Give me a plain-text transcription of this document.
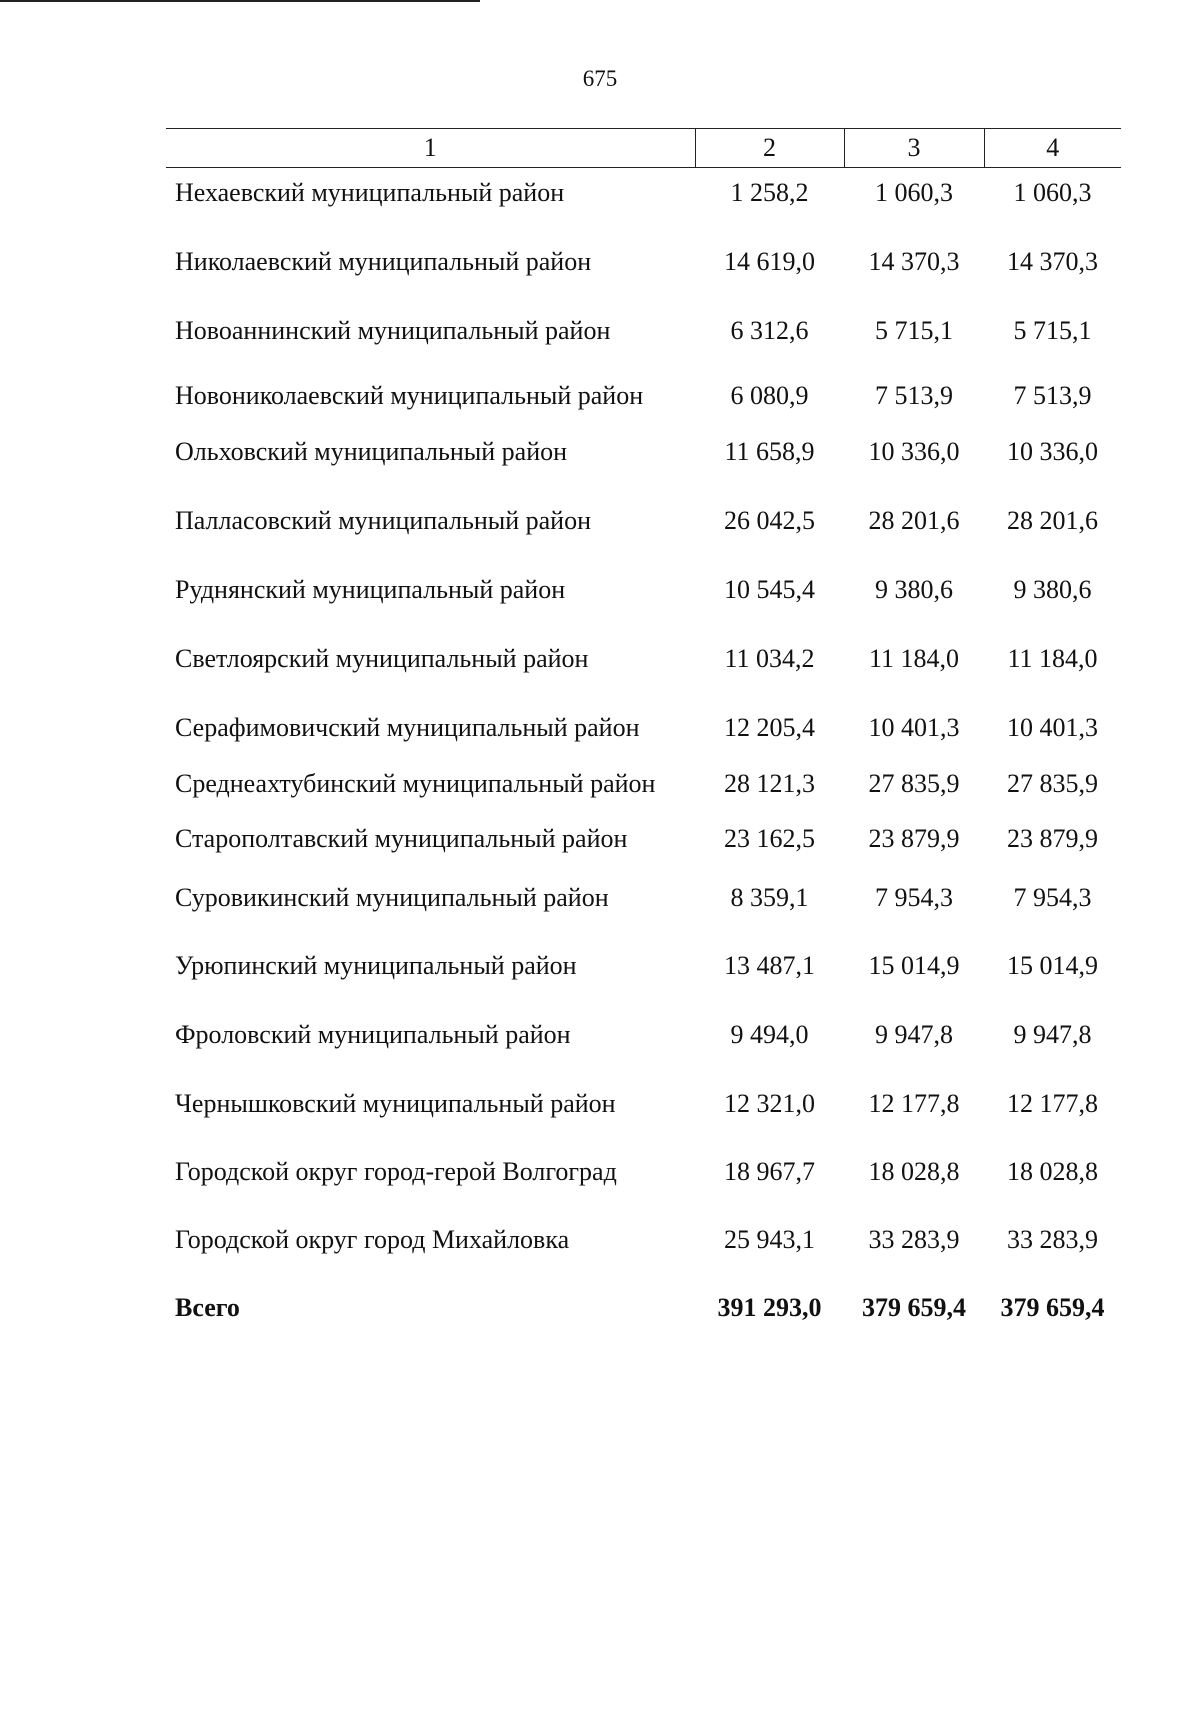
675
1	2	3	4
Нехаевский муниципальный район	1 258,2	1 060,3	1 060,3
Николаевский муниципальный район	14 619,0	14 370,3	14 370,3
Новоаннинский муниципальный район	6 312,6	5 715,1	5 715,1
Новониколаевский муниципальный район	6 080,9	7 513,9	7 513,9
Ольховский муниципальный район	11 658,9	10 336,0	10 336,0
Палласовский муниципальный район	26 042,5	28 201,6	28 201,6
Руднянский муниципальный район	10 545,4	9 380,6	9 380,6
Светлоярский муниципальный район	11 034,2	11 184,0	11 184,0
Серафимовичский муниципальный район	12 205,4	10 401,3	10 401,3
Среднеахтубинский муниципальный район	28 121,3	27 835,9	27 835,9
Старополтавский муниципальный район	23 162,5	23 879,9	23 879,9
Суровикинский муниципальный район	8 359,1	7 954,3	7 954,3
Урюпинский муниципальный район	13 487,1	15 014,9	15 014,9
Фроловский муниципальный район	9 494,0	9 947,8	9 947,8
Чернышковский муниципальный район	12 321,0	12 177,8	12 177,8
Городской округ город-герой Волгоград	18 967,7	18 028,8	18 028,8
Городской округ город Михайловка	25 943,1	33 283,9	33 283,9
Всего	391 293,0	379 659,4	379 659,4
